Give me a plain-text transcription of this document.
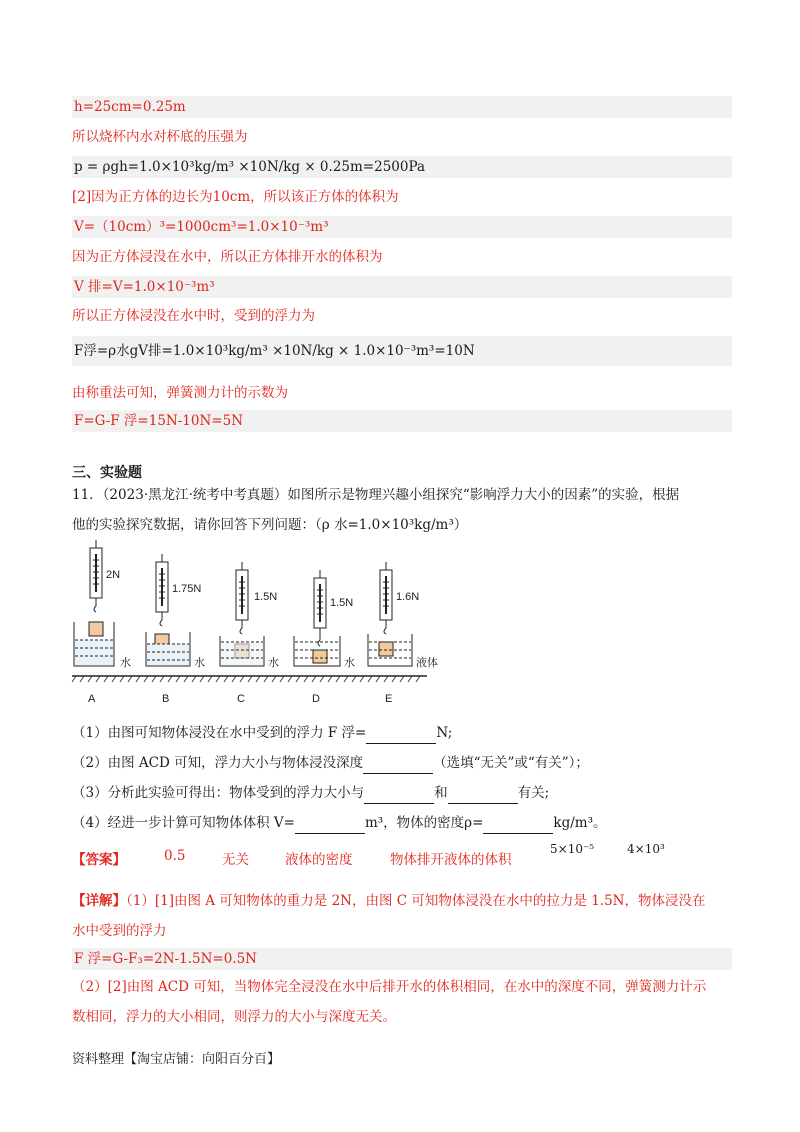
h=25cm=0.25m
所以烧杯内水对杯底的压强为
p = ρgh=1.0×10³kg/m³ ×10N/kg × 0.25m=2500Pa
[2]因为正方体的边长为10cm，所以该正方体的体积为
V=（10cm）³=1000cm³=1.0×10⁻³m³
因为正方体浸没在水中，所以正方体排开水的体积为
V 排=V=1.0×10⁻³m³
所以正方体浸没在水中时，受到的浮力为
F浮=ρ水gV排=1.0×10³kg/m³ ×10N/kg × 1.0×10⁻³m³=10N
由称重法可知，弹簧测力计的示数为
F=G-F 浮=15N-10N=5N
三、实验题
11．（2023·黑龙江·统考中考真题）如图所示是物理兴趣小组探究“影响浮力大小的因素”的实验，根据
他的实验探究数据，请你回答下列问题：（ρ 水=1.0×10³kg/m³）
2N
1.75N
1.5N	1.5N	1.6N
水	水	水	水	液体
A	B	C	D	E
（1）由图可知物体浸没在水中受到的浮力 F 浮=	N;
（2）由图 ACD 可知，浮力大小与物体浸没深度	（选填“无关”或“有关”）；
（3）分析此实验可得出：物体受到的浮力大小与	和	有关;
（4）经进一步计算可知物体体积 V=	m³，物体的密度ρ=	kg/m³。
【答案】	0.5	无关	液体的密度	物体排开液体的体积
5×10⁻⁵	4×10³
【详解】（1）[1]由图 A 可知物体的重力是 2N，由图 C 可知物体浸没在水中的拉力是 1.5N，物体浸没在
水中受到的浮力
F 浮=G-F₃=2N-1.5N=0.5N
（2）[2]由图 ACD 可知，当物体完全浸没在水中后排开水的体积相同，在水中的深度不同，弹簧测力计示
数相同，浮力的大小相同，则浮力的大小与深度无关。
资料整理【淘宝店铺：向阳百分百】
